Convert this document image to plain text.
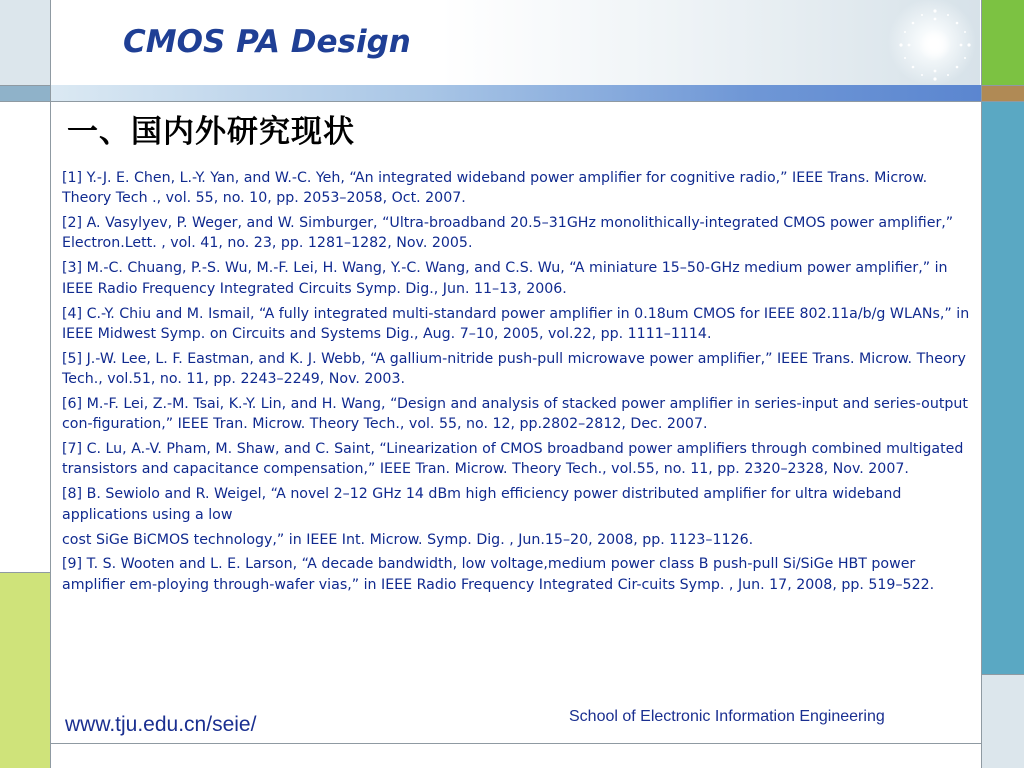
CMOS PA Design
一、国内外研究现状

[1] Y.-J. E. Chen, L.-Y. Yan, and W.-C. Yeh, “An integrated wideband power amplifier for cognitive radio,” IEEE Trans. Microw. Theory Tech ., vol. 55, no. 10, pp. 2053–2058, Oct. 2007.

[2] A. Vasylyev, P. Weger, and W. Simburger, “Ultra-broadband 20.5–31GHz monolithically-integrated CMOS power amplifier,” Electron.Lett. , vol. 41, no. 23, pp. 1281–1282, Nov. 2005.

[3] M.-C. Chuang, P.-S. Wu, M.-F. Lei, H. Wang, Y.-C. Wang, and C.S. Wu, “A miniature 15–50-GHz medium power amplifier,” in IEEE Radio Frequency Integrated Circuits Symp. Dig., Jun. 11–13, 2006.

[4] C.-Y. Chiu and M. Ismail, “A fully integrated multi-standard power amplifier in 0.18um CMOS for IEEE 802.11a/b/g WLANs,” in IEEE Midwest Symp. on Circuits and Systems Dig., Aug. 7–10, 2005, vol.22, pp. 1111–1114.

[5] J.-W. Lee, L. F. Eastman, and K. J. Webb, “A gallium-nitride push-pull microwave power amplifier,” IEEE Trans. Microw. Theory Tech., vol.51, no. 11, pp. 2243–2249, Nov. 2003.

[6] M.-F. Lei, Z.-M. Tsai, K.-Y. Lin, and H. Wang, “Design and analysis of stacked power amplifier in series-input and series-output con-figuration,” IEEE Tran. Microw. Theory Tech., vol. 55, no. 12, pp.2802–2812, Dec. 2007.

[7] C. Lu, A.-V. Pham, M. Shaw, and C. Saint, “Linearization of CMOS broadband power amplifiers through combined multigated transistors and capacitance compensation,” IEEE Tran. Microw. Theory Tech., vol.55, no. 11, pp. 2320–2328, Nov. 2007.

[8] B. Sewiolo and R. Weigel, “A novel 2–12 GHz 14 dBm high efficiency power distributed amplifier for ultra wideband applications using a low

cost SiGe BiCMOS technology,” in IEEE Int. Microw. Symp. Dig. , Jun.15–20, 2008, pp. 1123–1126.

[9] T. S. Wooten and L. E. Larson, “A decade bandwidth, low voltage,medium power class B push-pull Si/SiGe HBT power amplifier em-ploying through-wafer vias,” in IEEE Radio Frequency Integrated Cir-cuits Symp. , Jun. 17, 2008, pp. 519–522.

www.tju.edu.cn/seie/	School of Electronic Information Engineering
